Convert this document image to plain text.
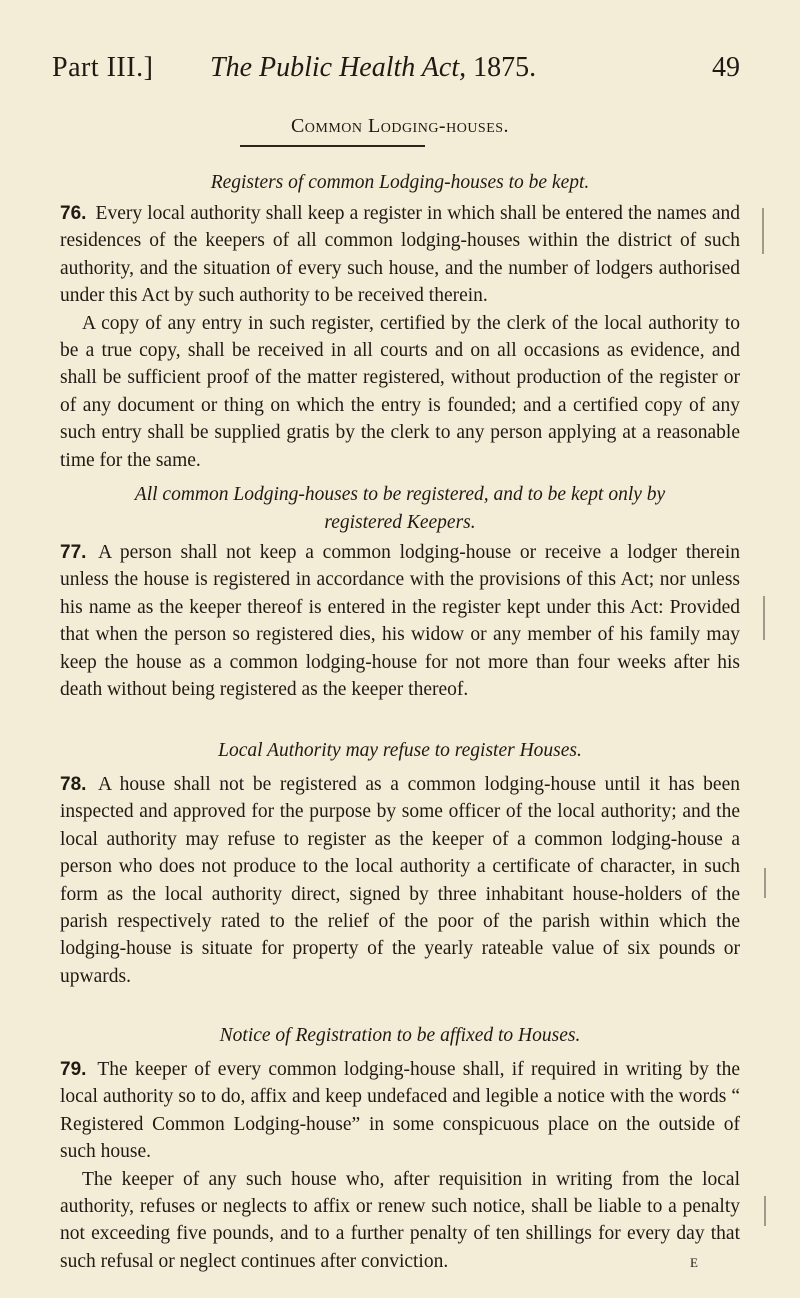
Part III.] The Public Health Act, 1875.	49
Common Lodging-houses.
Registers of common Lodging-houses to be kept.

76. Every local authority shall keep a register in which shall be entered the names and residences of the keepers of all common lodging-houses within the district of such authority, and the situation of every such house, and the number of lodgers authorised under this Act by such authority to be received therein.

A copy of any entry in such register, certified by the clerk of the local authority to be a true copy, shall be received in all courts and on all occasions as evidence, and shall be sufficient proof of the matter registered, without production of the register or of any document or thing on which the entry is founded; and a certified copy of any such entry shall be supplied gratis by the clerk to any person applying at a reasonable time for the same.

All common Lodging-houses to be registered, and to be kept only by
registered Keepers.

77. A person shall not keep a common lodging-house or receive a lodger therein unless the house is registered in accordance with the provisions of this Act; nor unless his name as the keeper thereof is entered in the register kept under this Act: Provided that when the person so registered dies, his widow or any member of his family may keep the house as a common lodging-house for not more than four weeks after his death without being registered as the keeper thereof.

Local Authority may refuse to register Houses.

78. A house shall not be registered as a common lodging-house until it has been inspected and approved for the purpose by some officer of the local authority; and the local authority may refuse to register as the keeper of a common lodging-house a person who does not produce to the local authority a certificate of character, in such form as the local authority direct, signed by three inhabitant house-holders of the parish respectively rated to the relief of the poor of the parish within which the lodging-house is situate for property of the yearly rateable value of six pounds or upwards.

Notice of Registration to be affixed to Houses.

79. The keeper of every common lodging-house shall, if required in writing by the local authority so to do, affix and keep undefaced and legible a notice with the words “ Registered Common Lodging-house” in some conspicuous place on the outside of such house.

The keeper of any such house who, after requisition in writing from the local authority, refuses or neglects to affix or renew such notice, shall be liable to a penalty not exceeding five pounds, and to a further penalty of ten shillings for every day that such refusal or neglect continues after conviction.	E
